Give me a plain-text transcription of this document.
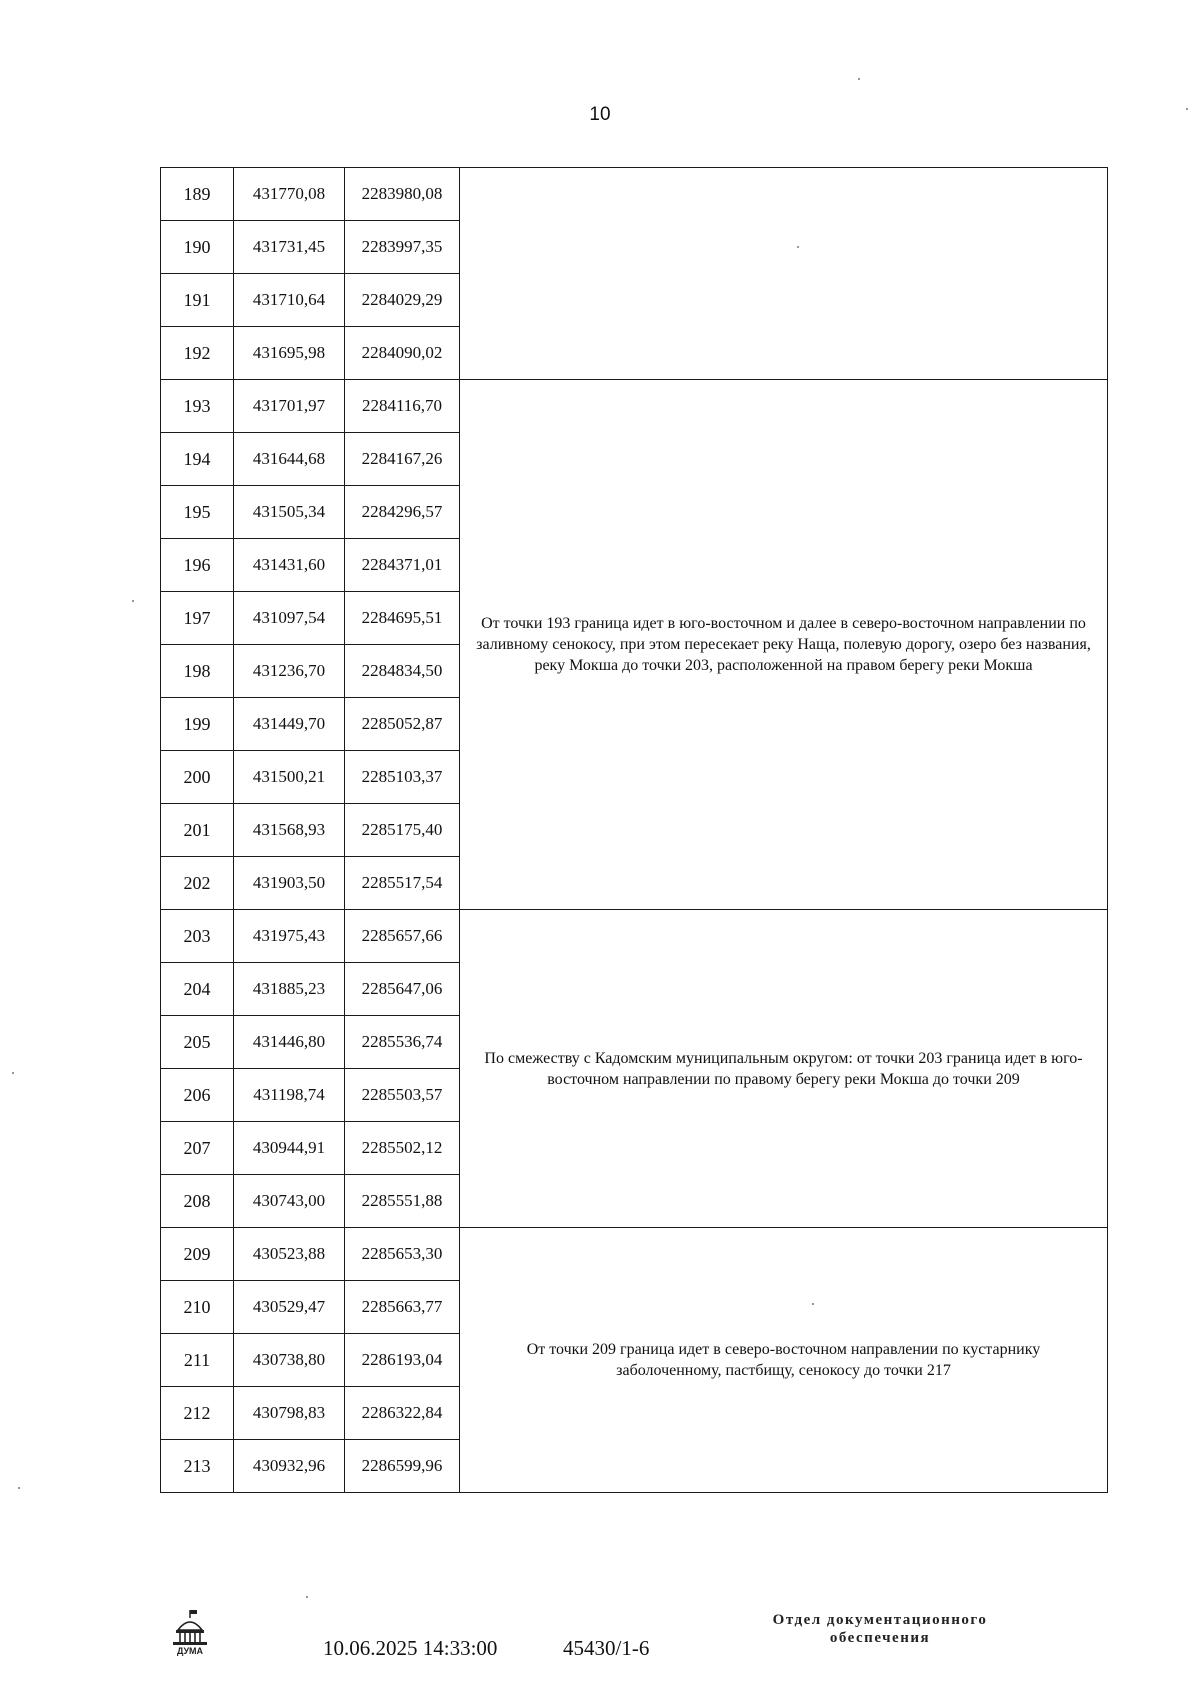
10
189	431770,08	2283980,08	
190	431731,45	2283997,35	
191	431710,64	2284029,29	
192	431695,98	2284090,02	
193	431701,97	2284116,70	От точки 193 граница идет в юго-восточном и далее в северо-восточном направлении по заливному сенокосу, при этом пересекает реку Наща, полевую дорогу, озеро без названия, реку Мокша до точки 203, расположенной на правом берегу реки Мокша
194	431644,68	2284167,26	
195	431505,34	2284296,57	
196	431431,60	2284371,01	
197	431097,54	2284695,51	
198	431236,70	2284834,50	
199	431449,70	2285052,87	
200	431500,21	2285103,37	
201	431568,93	2285175,40	
202	431903,50	2285517,54	
203	431975,43	2285657,66	По смежеству с Кадомским муниципальным округом: от точки 203 граница идет в юго-восточном направлении по правому берегу реки Мокша до точки 209
204	431885,23	2285647,06	
205	431446,80	2285536,74	
206	431198,74	2285503,57	
207	430944,91	2285502,12	
208	430743,00	2285551,88	
209	430523,88	2285653,30	От точки 209 граница идет в северо-восточном направлении по кустарнику заболоченному, пастбищу, сенокосу до точки 217
210	430529,47	2285663,77	
211	430738,80	2286193,04	
212	430798,83	2286322,84	
213	430932,96	2286599,96	
ДУМА	10.06.2025 14:33:00	45430/1-6
Отдел документационного
обеспечения
